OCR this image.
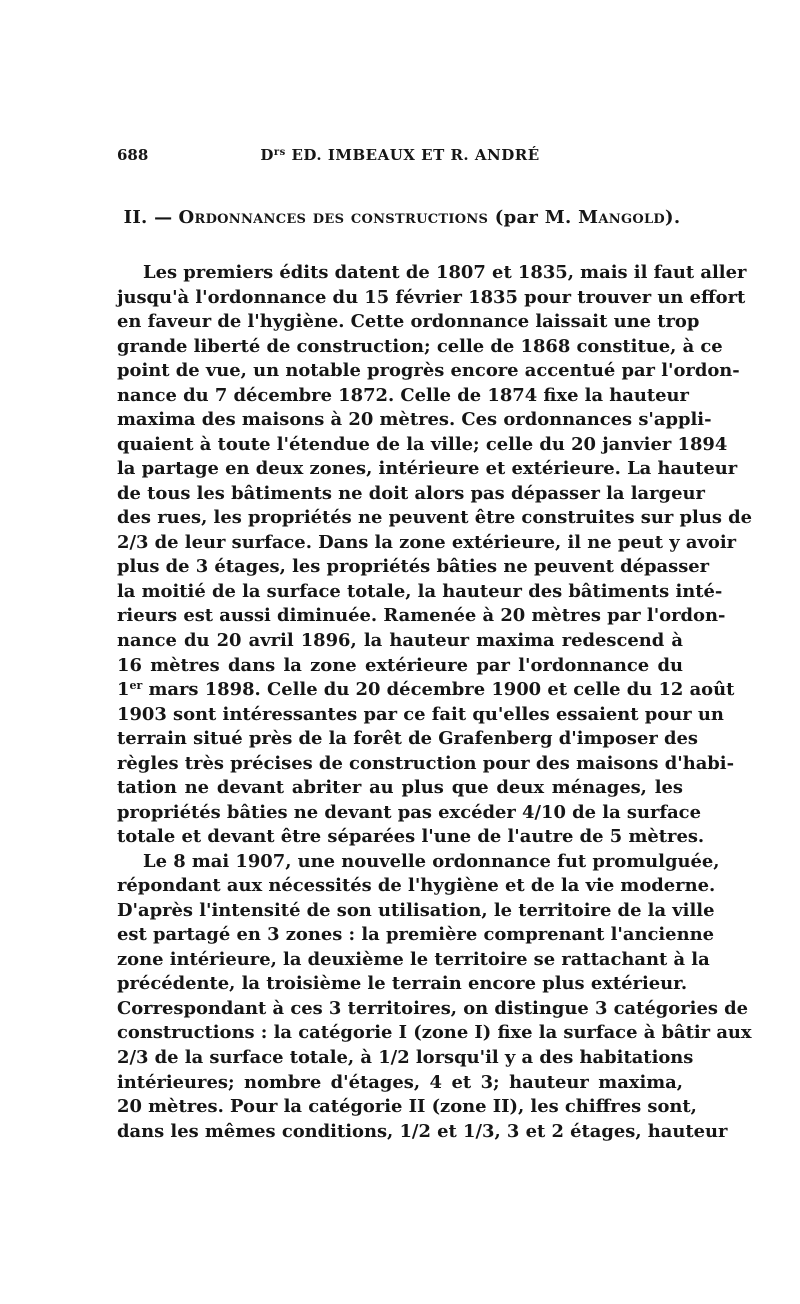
688	$D^{rs}$ ED. IMBEAUX ET R. ANDRÉ
II. — Ordonnances des constructions (par M. Mangold).
Les premiers édits datent de 1807 et 1835, mais il faut aller
jusqu'à l'ordonnance du 15 février 1835 pour trouver un effort
en faveur de l'hygiène. Cette ordonnance laissait une trop
grande liberté de construction; celle de 1868 constitue, à ce
point de vue, un notable progrès encore accentué par l'ordon-
nance du 7 décembre 1872. Celle de 1874 fixe la hauteur
maxima des maisons à 20 mètres. Ces ordonnances s'appli-
quaient à toute l'étendue de la ville; celle du 20 janvier 1894
la partage en deux zones, intérieure et extérieure. La hauteur
de tous les bâtiments ne doit alors pas dépasser la largeur
des rues, les propriétés ne peuvent être construites sur plus de
2/3 de leur surface. Dans la zone extérieure, il ne peut y avoir
plus de 3 étages, les propriétés bâties ne peuvent dépasser
la moitié de la surface totale, la hauteur des bâtiments inté-
rieurs est aussi diminuée. Ramenée à 20 mètres par l'ordon-
nance du 20 avril 1896, la hauteur maxima redescend à
16 mètres dans la zone extérieure par l'ordonnance du
1er mars 1898. Celle du 20 décembre 1900 et celle du 12 août
1903 sont intéressantes par ce fait qu'elles essaient pour un
terrain situé près de la forêt de Grafenberg d'imposer des
règles très précises de construction pour des maisons d'habi-
tation ne devant abriter au plus que deux ménages, les
propriétés bâties ne devant pas excéder 4/10 de la surface
totale et devant être séparées l'une de l'autre de 5 mètres.
Le 8 mai 1907, une nouvelle ordonnance fut promulguée,
répondant aux nécessités de l'hygiène et de la vie moderne.
D'après l'intensité de son utilisation, le territoire de la ville
est partagé en 3 zones : la première comprenant l'ancienne
zone intérieure, la deuxième le territoire se rattachant à la
précédente, la troisième le terrain encore plus extérieur.
Correspondant à ces 3 territoires, on distingue 3 catégories de
constructions : la catégorie I (zone I) fixe la surface à bâtir aux
2/3 de la surface totale, à 1/2 lorsqu'il y a des habitations
intérieures; nombre d'étages, 4 et 3; hauteur maxima,
20 mètres. Pour la catégorie II (zone II), les chiffres sont,
dans les mêmes conditions, 1/2 et 1/3, 3 et 2 étages, hauteur
